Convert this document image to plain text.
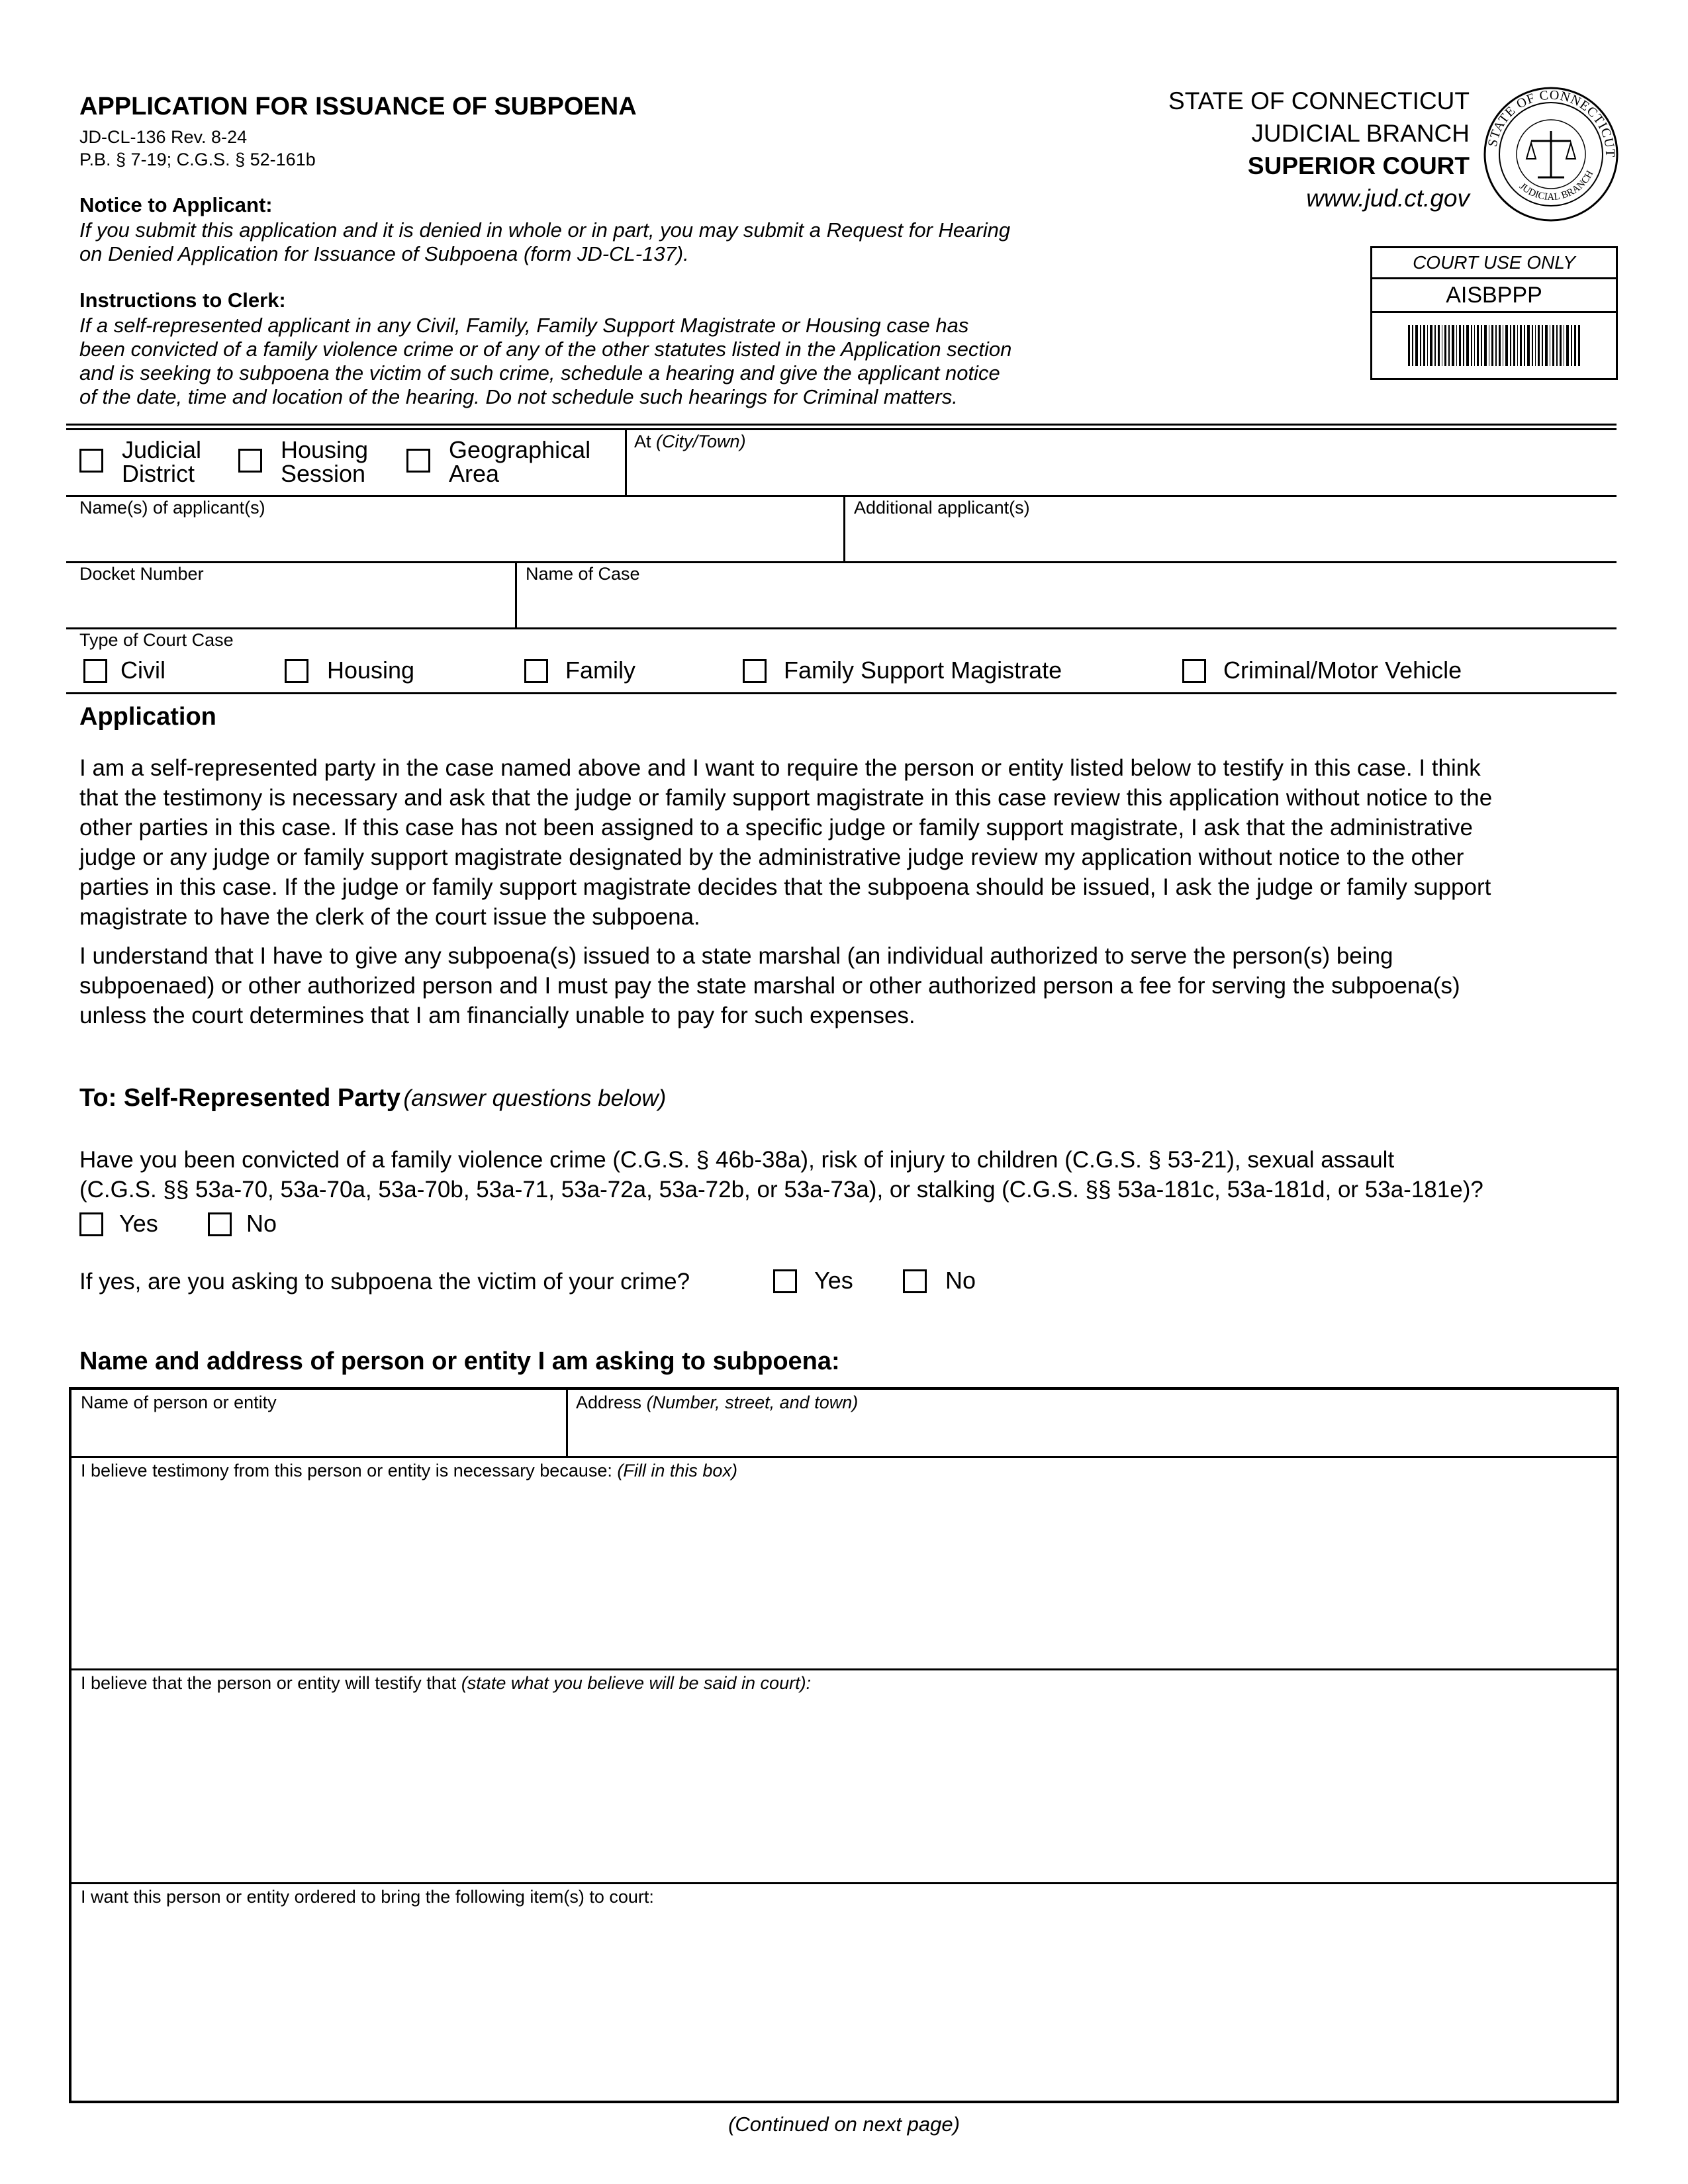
APPLICATION FOR ISSUANCE OF SUBPOENA
JD-CL-136 Rev. 8-24
P.B. § 7-19; C.G.S. § 52-161b
STATE OF CONNECTICUT
JUDICIAL BRANCH
SUPERIOR COURT
www.jud.ct.gov
STATE OF CONNECTICUT
JUDICIAL BRANCH
Notice to Applicant:
If you submit this application and it is denied in whole or in part, you may submit a Request for Hearing
on Denied Application for Issuance of Subpoena (form JD-CL-137).
Instructions to Clerk:
If a self-represented applicant in any Civil, Family, Family Support Magistrate or Housing case has
been convicted of a family violence crime or of any of the other statutes listed in the Application section
and is seeking to subpoena the victim of such crime, schedule a hearing and give the applicant notice
of the date, time and location of the hearing. Do not schedule such hearings for Criminal matters.
COURT USE ONLY
AISBPPP
Judicial
District
Housing
Session
Geographical
Area
At (City/Town)
Name(s) of applicant(s)	Additional applicant(s)
Docket Number	Name of Case
Type of Court Case
Civil	Housing	Family	Family Support Magistrate	Criminal/Motor Vehicle
Application
I am a self-represented party in the case named above and I want to require the person or entity listed below to testify in this case. I think
that the testimony is necessary and ask that the judge or family support magistrate in this case review this application without notice to the
other parties in this case. If this case has not been assigned to a specific judge or family support magistrate, I ask that the administrative
judge or any judge or family support magistrate designated by the administrative judge review my application without notice to the other
parties in this case. If the judge or family support magistrate decides that the subpoena should be issued, I ask the judge or family support
magistrate to have the clerk of the court issue the subpoena.
I understand that I have to give any subpoena(s) issued to a state marshal (an individual authorized to serve the person(s) being
subpoenaed) or other authorized person and I must pay the state marshal or other authorized person a fee for serving the subpoena(s)
unless the court determines that I am financially unable to pay for such expenses.
To: Self-Represented Party (answer questions below)
Have you been convicted of a family violence crime (C.G.S. § 46b-38a), risk of injury to children (C.G.S. § 53-21), sexual assault
(C.G.S. §§ 53a-70, 53a-70a, 53a-70b, 53a-71, 53a-72a, 53a-72b, or 53a-73a), or stalking (C.G.S. §§ 53a-181c, 53a-181d, or 53a-181e)?
Yes	No
If yes, are you asking to subpoena the victim of your crime?	Yes	No
Name and address of person or entity I am asking to subpoena:
Name of person or entity	Address (Number, street, and town)
I believe testimony from this person or entity is necessary because: (Fill in this box)
I believe that the person or entity will testify that (state what you believe will be said in court):
I want this person or entity ordered to bring the following item(s) to court:
(Continued on next page)
